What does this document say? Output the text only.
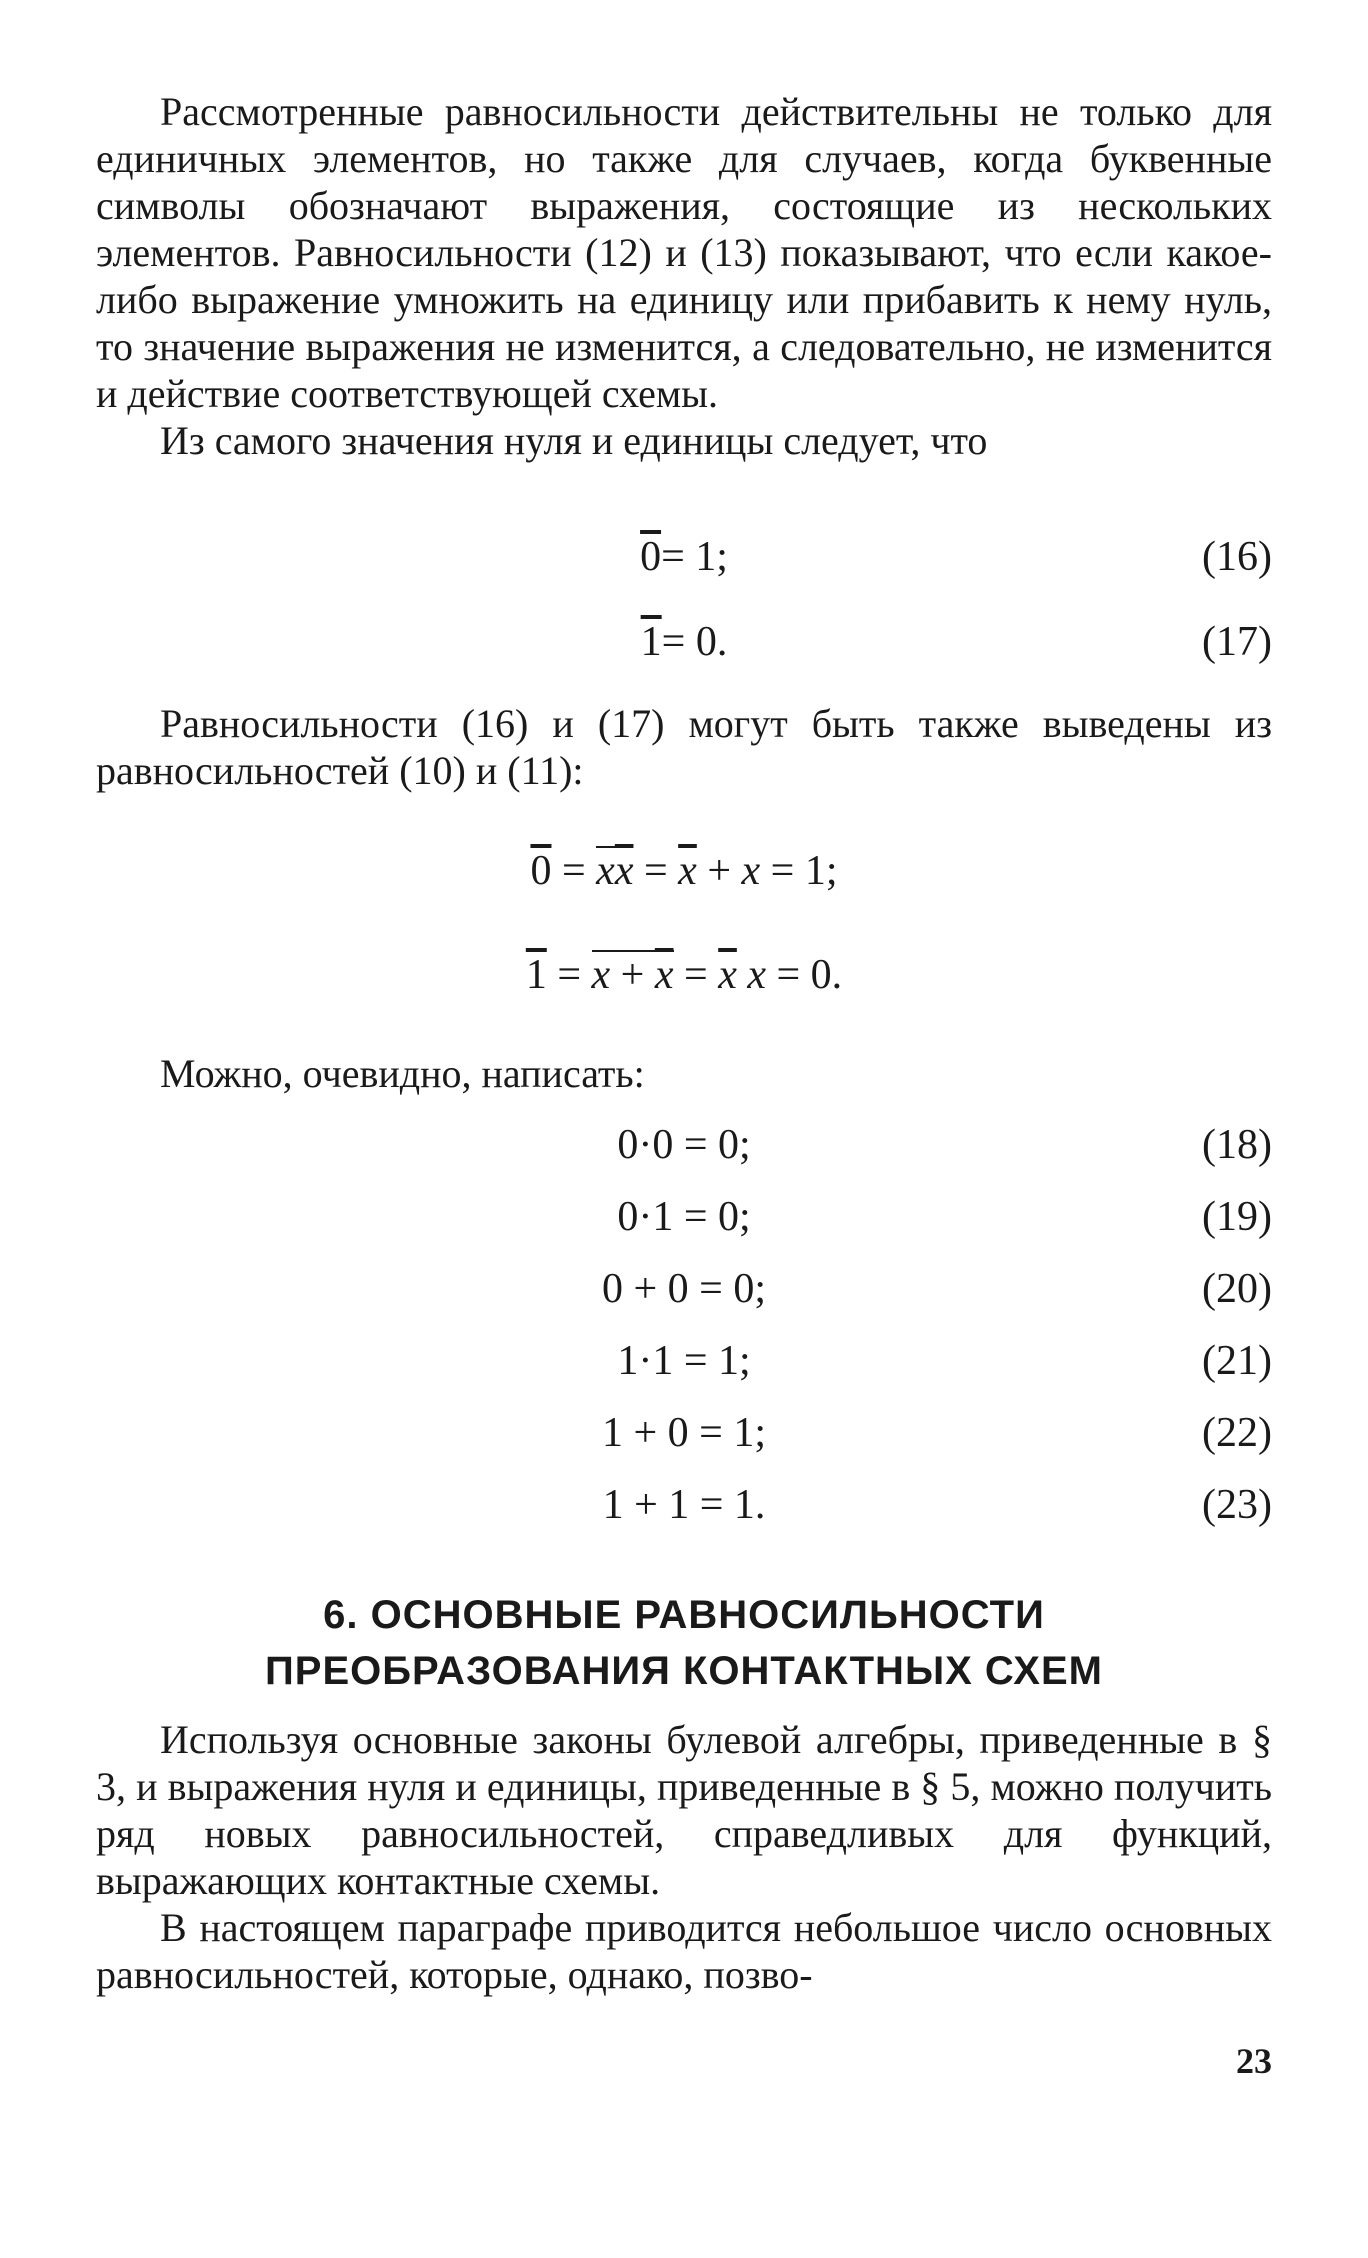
Рассмотренные равносильности действительны не только для единичных элементов, но также для случаев, когда буквенные символы обозначают выражения, состоящие из нескольких элементов. Равносильности (12) и (13) показывают, что если какое-либо выражение умножить на единицу или прибавить к нему нуль, то значение выражения не изменится, а следовательно, не изменится и действие соответствующей схемы.

Из самого значения нуля и единицы следует, что

0= 1;	(16)
1= 0.	(17)

Равносильности (16) и (17) могут быть также выведены из равносильностей (10) и (11):

$0 = x\overline{x} = \overline{x} + x = 1$;
$1 = x + \overline{x} = \overline{x}$ x = 0.

Можно, очевидно, написать:

0·0 = 0;	(18)
0·1 = 0;	(19)
0 + 0 = 0;	(20)
1·1 = 1;	(21)
1 + 0 = 1;	(22)
1 + 1 = 1.	(23)
6. ОСНОВНЫЕ РАВНОСИЛЬНОСТИ
ПРЕОБРАЗОВАНИЯ КОНТАКТНЫХ СХЕМ

Используя основные законы булевой алгебры, приведенные в § 3, и выражения нуля и единицы, приведенные в § 5, можно получить ряд новых равносильностей, справедливых для функций, выражающих контактные схемы.

В настоящем параграфе приводится небольшое число основных равносильностей, которые, однако, позво-

23
